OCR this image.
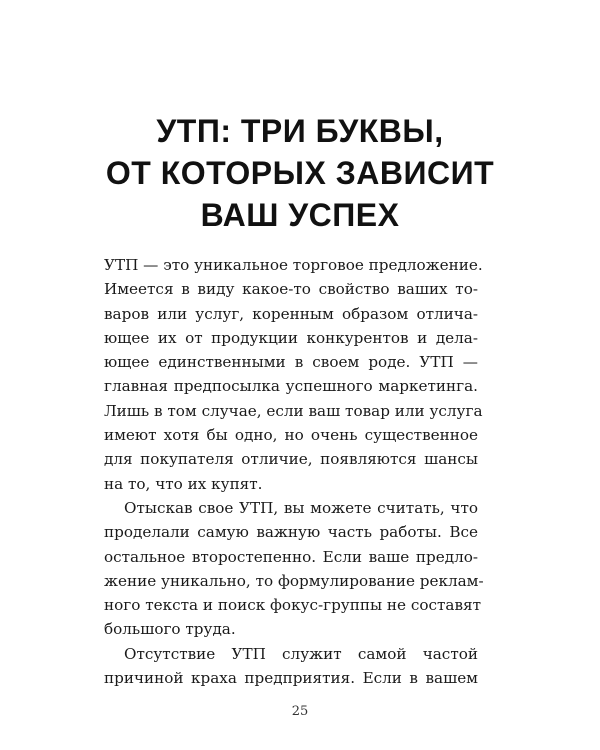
УТП: ТРИ БУКВЫ,
ОТ КОТОРЫХ ЗАВИСИТ
ВАШ УСПЕХ
УТП — это уникальное торговое предложение.
Имеется в виду какое-то свойство ваших то-
варов или услуг, коренным образом отлича-
ющее их от продукции конкурентов и дела-
ющее единственными в своем роде. УТП —
главная предпосылка успешного маркетинга.
Лишь в том случае, если ваш товар или услуга
имеют хотя бы одно, но очень существенное
для покупателя отличие, появляются шансы
на то, что их купят.
Отыскав свое УТП, вы можете считать, что
проделали самую важную часть работы. Все
остальное второстепенно. Если ваше предло-
жение уникально, то формулирование реклам-
ного текста и поиск фокус-группы не составят
большого труда.
Отсутствие УТП служит самой частой
причиной краха предприятия. Если в вашем
25
